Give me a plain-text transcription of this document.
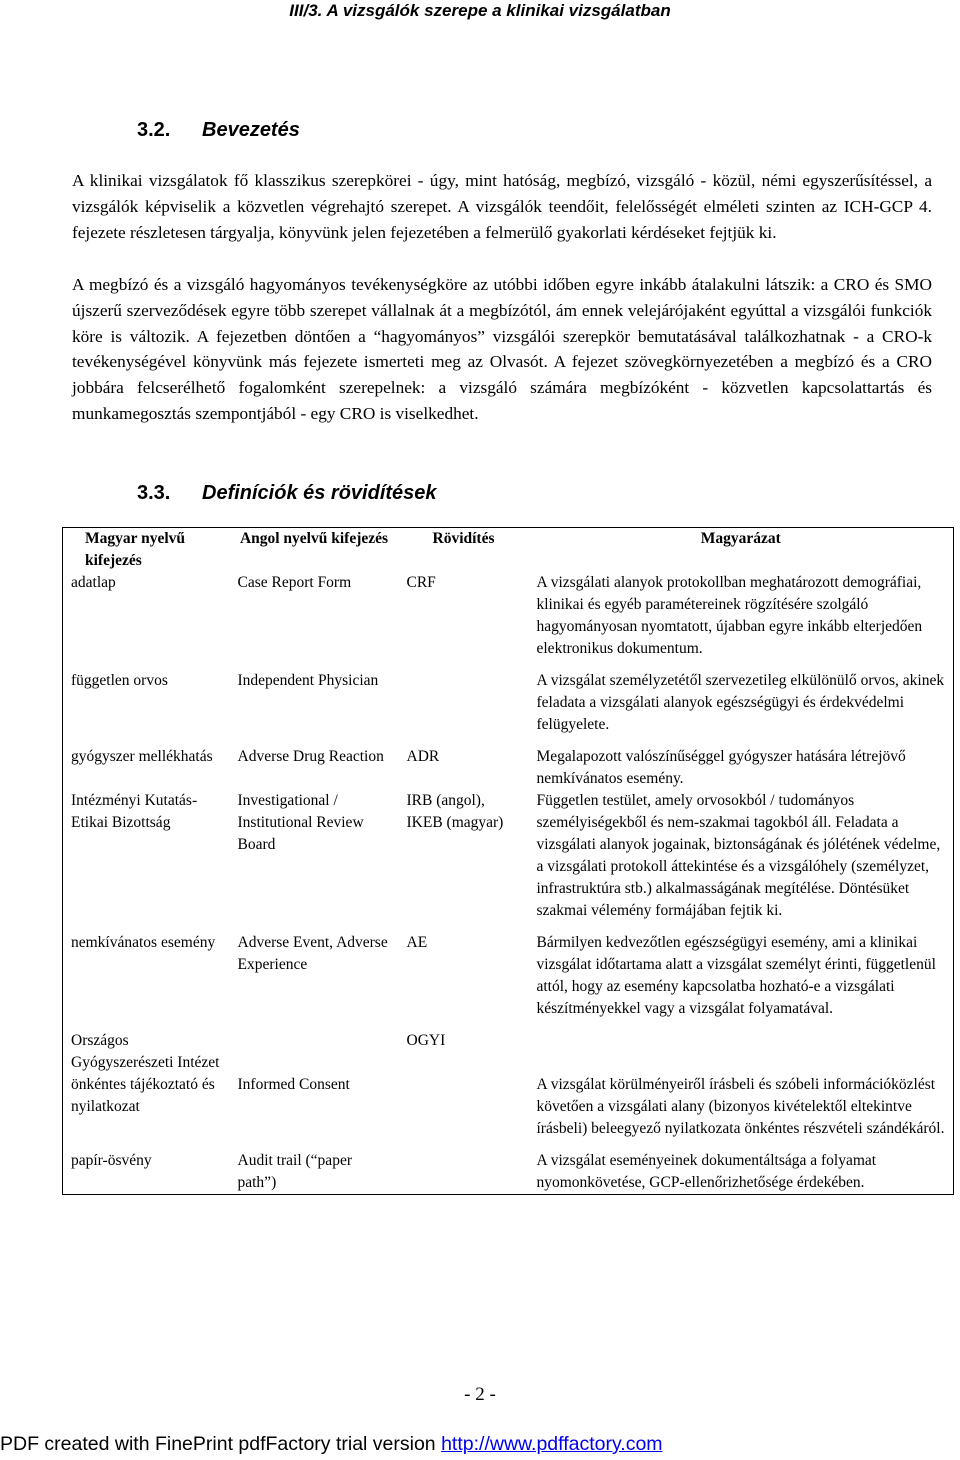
III/3. A vizsgálók szerepe a klinikai vizsgálatban
3.2. Bevezetés

A klinikai vizsgálatok fő klasszikus szerepkörei - úgy, mint hatóság, megbízó, vizsgáló - közül, némi egyszerűsítéssel, a vizsgálók képviselik a közvetlen végrehajtó szerepet. A vizsgálók teendőit, felelősségét elméleti szinten az ICH-GCP 4. fejezete részletesen tárgyalja, könyvünk jelen fejezetében a felmerülő gyakorlati kérdéseket fejtjük ki.

A megbízó és a vizsgáló hagyományos tevékenységköre az utóbbi időben egyre inkább átalakulni látszik: a CRO és SMO újszerű szerveződések egyre több szerepet vállalnak át a megbízótól, ám ennek velejárójaként egyúttal a vizsgálói funkciók köre is változik. A fejezetben döntően a “hagyományos” vizsgálói szerepkör bemutatásával találkozhatnak - a CRO-k tevékenységével könyvünk más fejezete ismerteti meg az Olvasót. A fejezet szövegkörnyezetében a megbízó és a CRO jobbára felcserélhető fogalomként szerepelnek: a vizsgáló számára megbízóként - közvetlen kapcsolattartás és munkamegosztás szempontjából - egy CRO is viselkedhet.

3.3. Definíciók és rövidítések
Magyar nyelvű kifejezés	Angol nyelvű kifejezés	Rövidítés	Magyarázat
adatlap	Case Report Form	CRF	A vizsgálati alanyok protokollban meghatározott demográfiai, klinikai és egyéb paramétereinek rögzítésére szolgáló hagyományosan nyomtatott, újabban egyre inkább elterjedően elektronikus dokumentum.
független orvos	Independent Physician		A vizsgálat személyzetétől szervezetileg elkülönülő orvos, akinek feladata a vizsgálati alanyok egészségügyi és érdekvédelmi felügyelete.
gyógyszer mellékhatás	Adverse Drug Reaction	ADR	Megalapozott valószínűséggel gyógyszer hatására létrejövő nemkívánatos esemény.
Intézményi Kutatás-Etikai Bizottság	Investigational / Institutional Review Board	IRB (angol), IKEB (magyar)	Független testület, amely orvosokból / tudományos személyiségekből és nem-szakmai tagokból áll. Feladata a vizsgálati alanyok jogainak, biztonságának és jólétének védelme, a vizsgálati protokoll áttekintése és a vizsgálóhely (személyzet, infrastruktúra stb.) alkalmasságának megítélése. Döntésüket szakmai vélemény formájában fejtik ki.
nemkívánatos esemény	Adverse Event, Adverse Experience	AE	Bármilyen kedvezőtlen egészségügyi esemény, ami a klinikai vizsgálat időtartama alatt a vizsgálat személyt érinti, függetlenül attól, hogy az esemény kapcsolatba hozható-e a vizsgálati készítményekkel vagy a vizsgálat folyamatával.
Országos Gyógyszerészeti Intézet		OGYI	
önkéntes tájékoztató és nyilatkozat	Informed Consent		A vizsgálat körülményeiről írásbeli és szóbeli információközlést követően a vizsgálati alany (bizonyos kivételektől eltekintve írásbeli) beleegyező nyilatkozata önkéntes részvételi szándékáról.
papír-ösvény	Audit trail (“paper path”)		A vizsgálat eseményeinek dokumentáltsága a folyamat nyomonkövetése, GCP-ellenőrizhetősége érdekében.
- 2 -
PDF created with FinePrint pdfFactory trial version http://www.pdffactory.com
